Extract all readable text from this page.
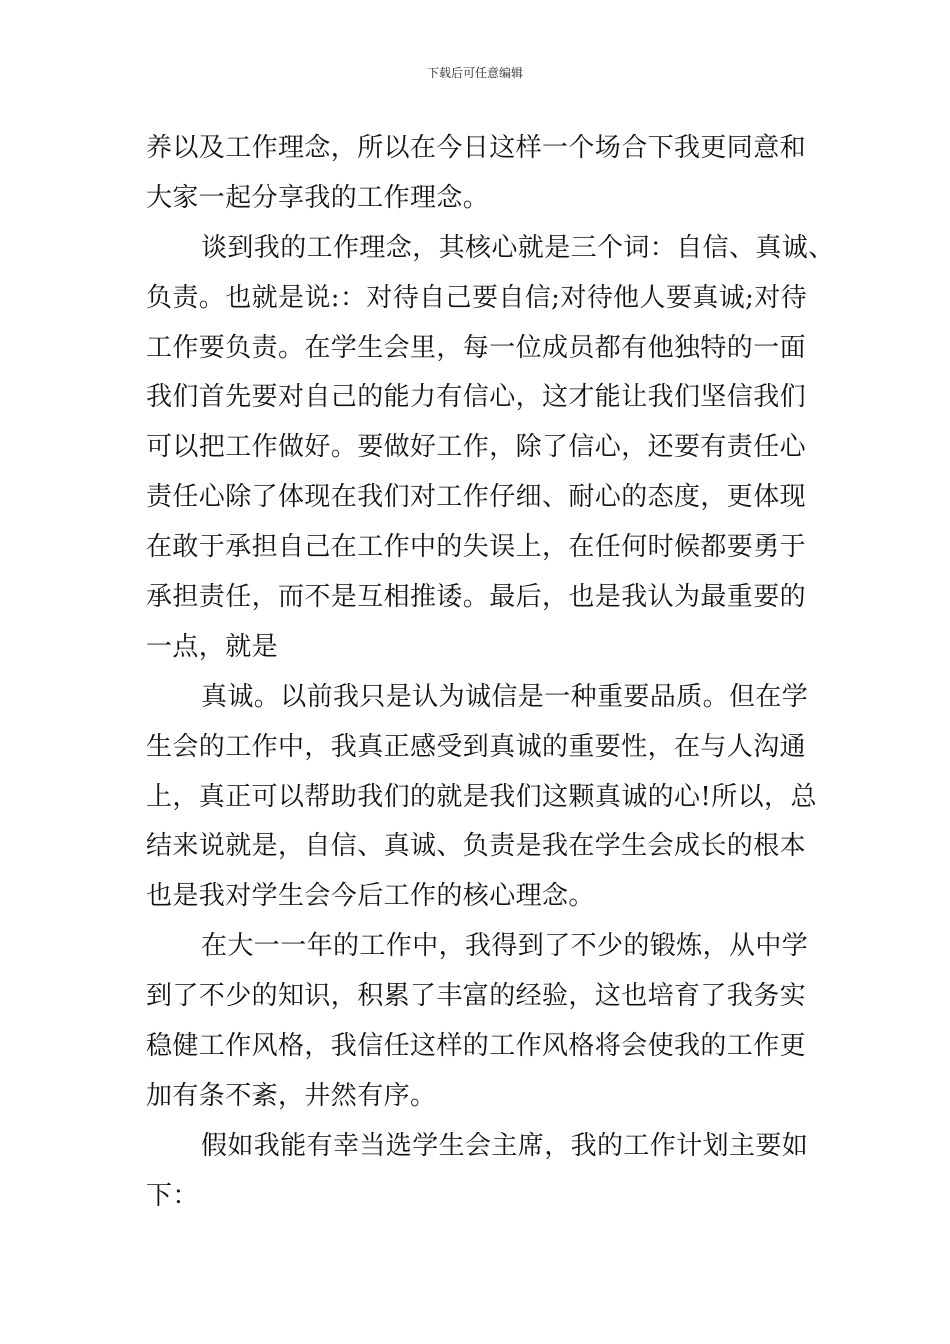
下载后可任意编辑
养以及工作理念，所以在今日这样一个场合下我更同意和
大家一起分享我的工作理念。
谈到我的工作理念，其核心就是三个词：自信、真诚、
负责。也就是说:：对待自己要自信;对待他人要真诚;对待
工作要负责。在学生会里，每一位成员都有他独特的一面
我们首先要对自己的能力有信心，这才能让我们坚信我们
可以把工作做好。要做好工作，除了信心，还要有责任心
责任心除了体现在我们对工作仔细、耐心的态度，更体现
在敢于承担自己在工作中的失误上，在任何时候都要勇于
承担责任，而不是互相推诿。最后，也是我认为最重要的
一点，就是
真诚。以前我只是认为诚信是一种重要品质。但在学
生会的工作中，我真正感受到真诚的重要性，在与人沟通
上，真正可以帮助我们的就是我们这颗真诚的心!所以，总
结来说就是，自信、真诚、负责是我在学生会成长的根本
也是我对学生会今后工作的核心理念。
在大一一年的工作中，我得到了不少的锻炼，从中学
到了不少的知识，积累了丰富的经验，这也培育了我务实
稳健工作风格，我信任这样的工作风格将会使我的工作更
加有条不紊，井然有序。
假如我能有幸当选学生会主席，我的工作计划主要如
下：
